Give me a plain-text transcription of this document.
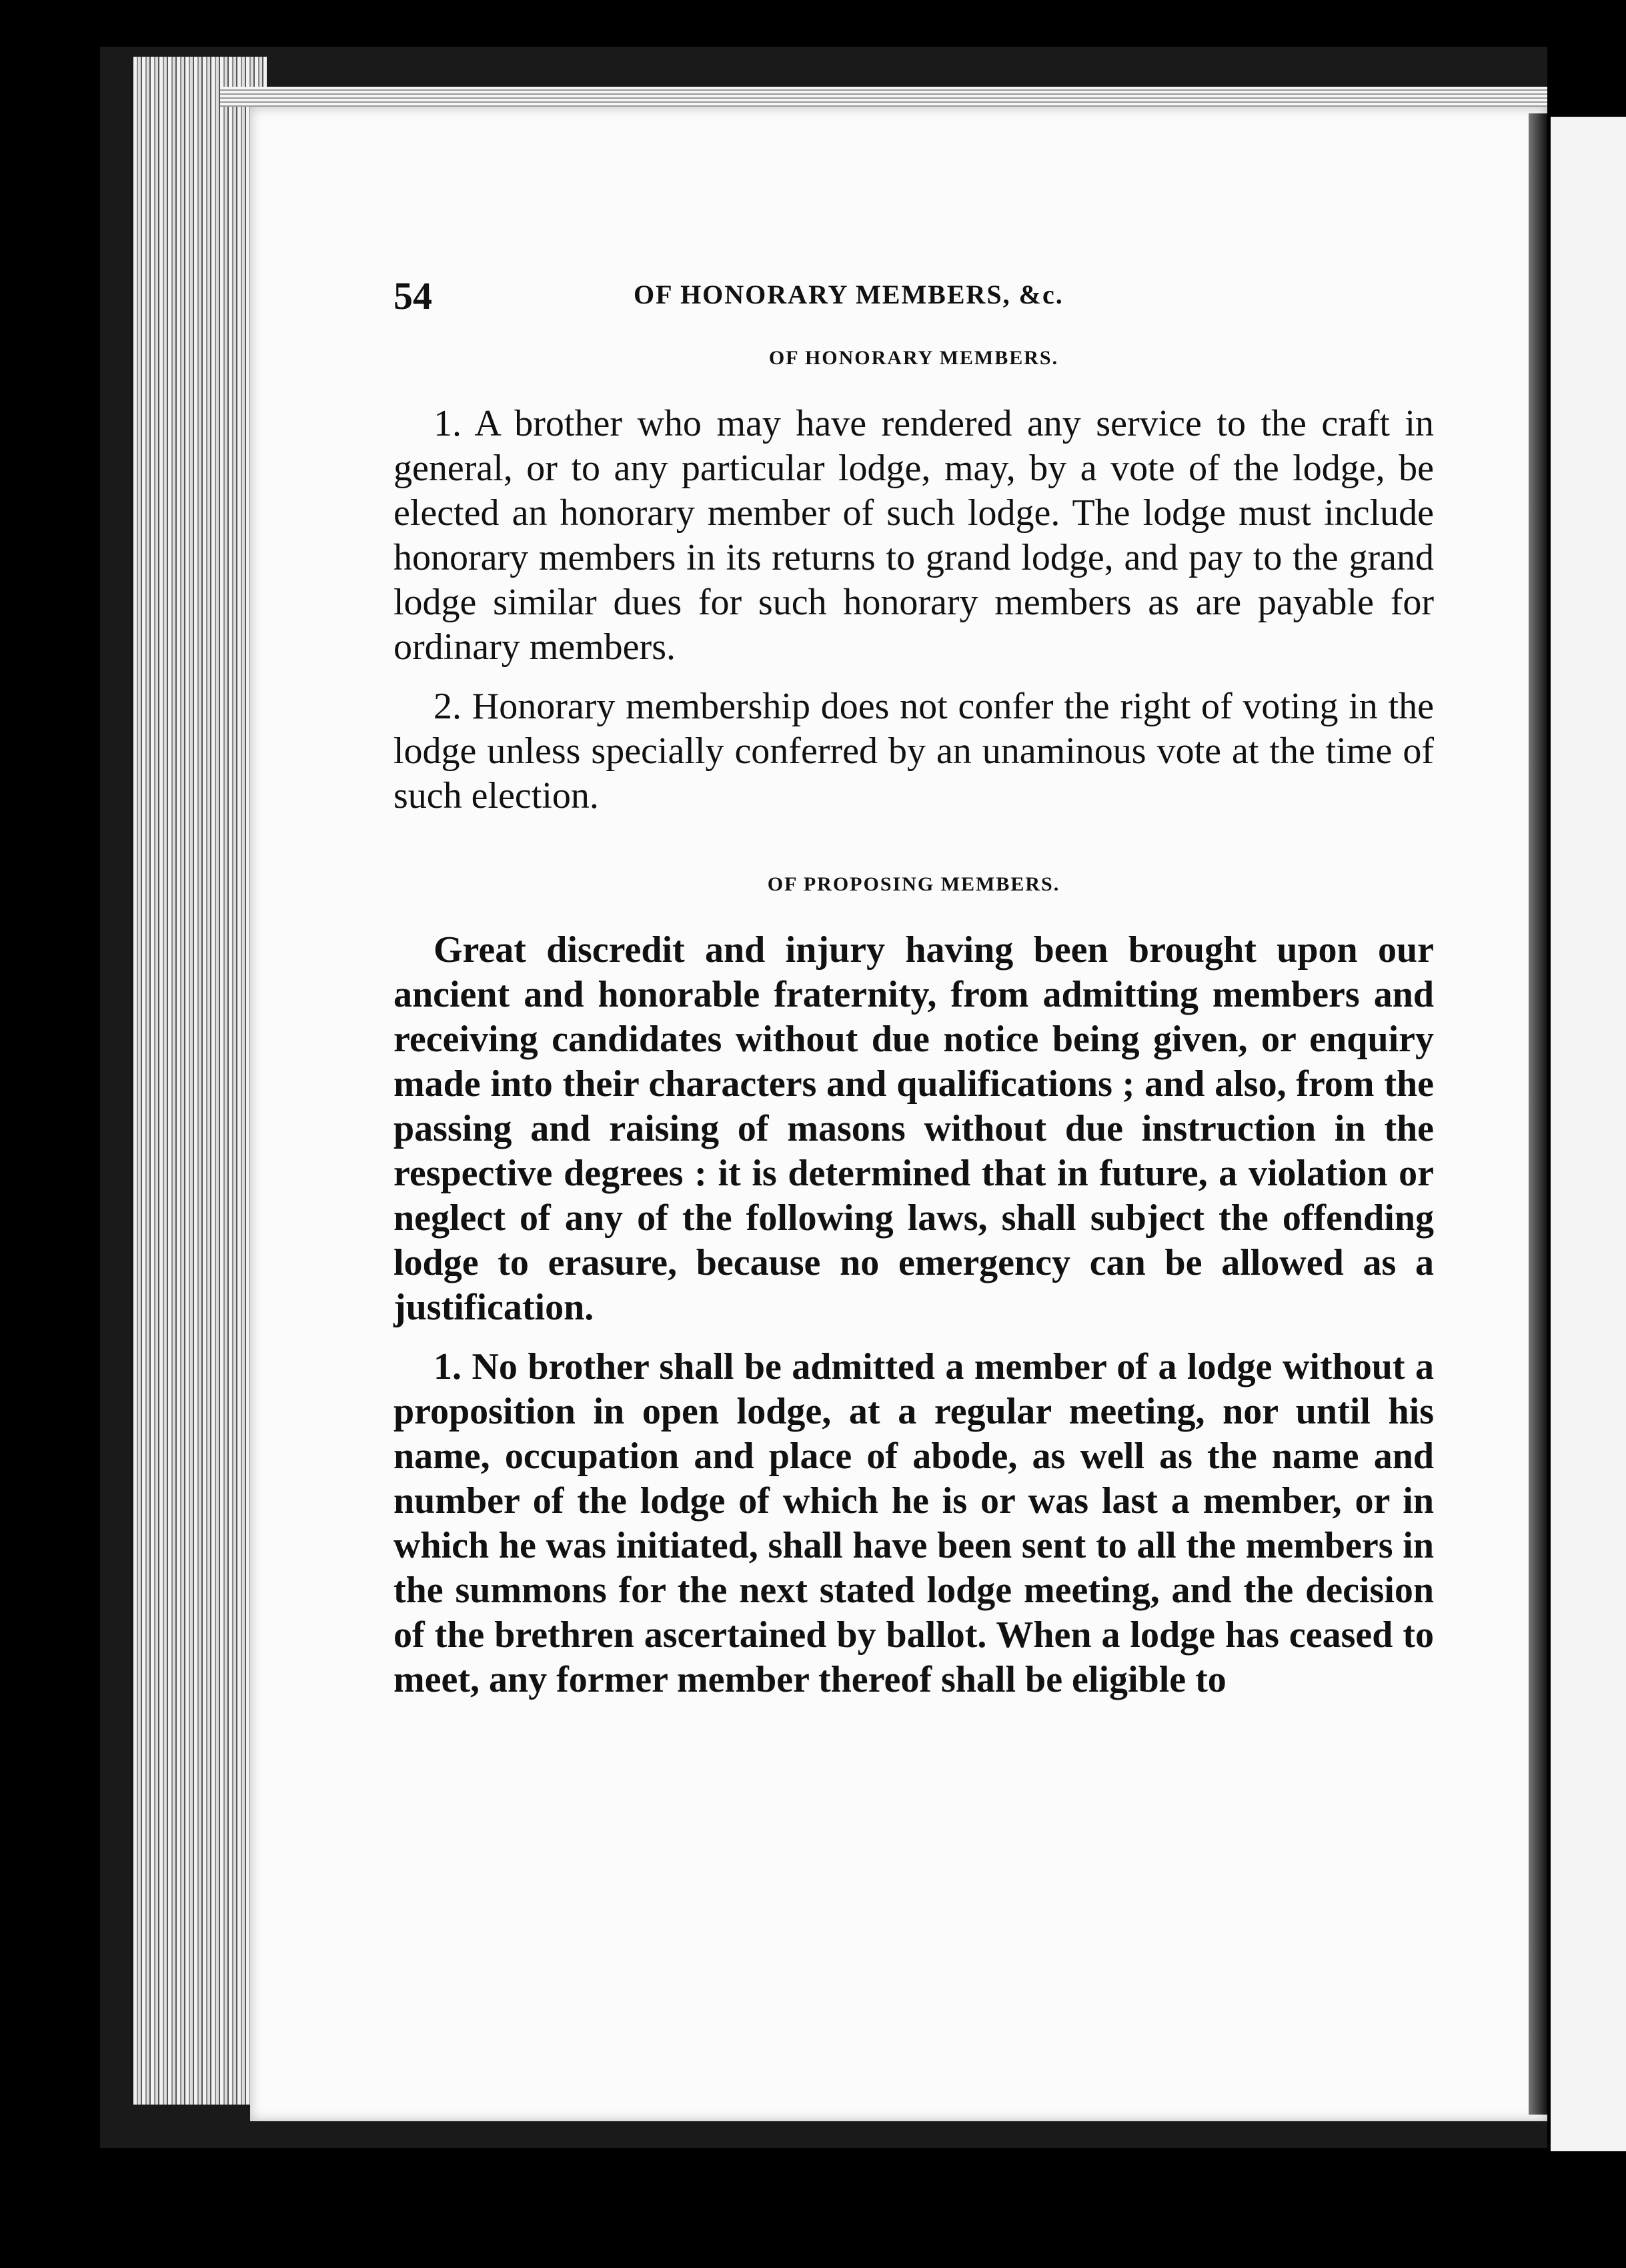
54	OF HONORARY MEMBERS, &c.
OF HONORARY MEMBERS.

1. A brother who may have rendered any service to the craft in general, or to any particular lodge, may, by a vote of the lodge, be elected an honorary member of such lodge. The lodge must include honorary members in its returns to grand lodge, and pay to the grand lodge similar dues for such honorary members as are payable for ordinary members.

2. Honorary membership does not confer the right of voting in the lodge unless specially conferred by an unaminous vote at the time of such election.

OF PROPOSING MEMBERS.

Great discredit and injury having been brought upon our ancient and honorable fraternity, from admitting members and receiving candidates without due notice being given, or enquiry made into their characters and qualifications ; and also, from the passing and raising of masons without due instruction in the respective degrees : it is determined that in future, a violation or neglect of any of the following laws, shall subject the offending lodge to erasure, because no emergency can be allowed as a justification.

1. No brother shall be admitted a member of a lodge without a proposition in open lodge, at a regular meeting, nor until his name, occupation and place of abode, as well as the name and number of the lodge of which he is or was last a member, or in which he was initiated, shall have been sent to all the members in the summons for the next stated lodge meeting, and the decision of the brethren ascertained by ballot. When a lodge has ceased to meet, any former member thereof shall be eligible to
